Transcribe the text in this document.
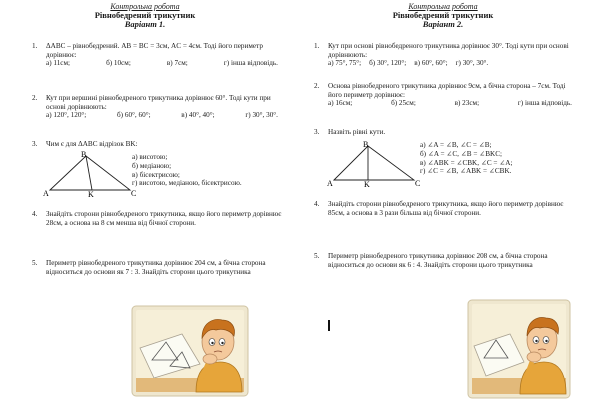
Контрольна робота
Рівнобедрений трикутник
Варіант 1.
1. ΔABC – рівнобедрений. AB = BC = 3см, AC = 4см. Тоді його периметр дорівнює:
а) 11см;	б) 10см;	в) 7см;	г) інша відповідь.
2. Кут при вершині рівнобедреного трикутника дорівнює 60°. Тоді кути при основі дорівнюють:
а) 120°, 120°;	б) 60°, 60°;	в) 40°, 40°;	г) 30°, 30°.
3. Чим є для ΔABC відрізок BK:
B
A	K	C
а) висотою;
б) медіаною;
в) бісектрисою;
г) висотою, медіаною, бісектрисою.
4. Знайдіть сторони рівнобедреного трикутника, якщо його периметр дорівнює 28см, а основа на 8 см менша від бічної сторони.
5. Периметр рівнобедреного трикутника дорівнює 204 см, а бічна сторона відноситься до основи як 7 : 3. Знайдіть сторони цього трикутника
Контрольна робота
Рівнобедрений трикутник
Варіант 2.
1. Кут при основі рівнобедреного трикутника дорівнює 30°. Тоді кути при основі дорівнюють:
а) 75°, 75°; б) 30°, 120°; в) 60°, 60°; г) 30°, 30°.
2. Основа рівнобедреного трикутника дорівнює 9см, а бічна сторона – 7см. Тоді його периметр дорівнює:
а) 16см;	б) 25см;	в) 23см;	г) інша відповідь.
3. Назвіть рівні кути.
B
A	K	C
а) ∠A = ∠B, ∠C = ∠B;
б) ∠A = ∠C, ∠B = ∠BKC;
в) ∠ABK = ∠CBK, ∠C = ∠A;
г) ∠C = ∠B, ∠ABK = ∠CBK.
4. Знайдіть сторони рівнобедреного трикутника, якщо його периметр дорівнює 85см, а основа в 3 рази більша від бічної сторони.
5. Периметр рівнобедреного трикутника дорівнює 208 см, а бічна сторона відноситься до основи як 6 : 4. Знайдіть сторони цього трикутника
